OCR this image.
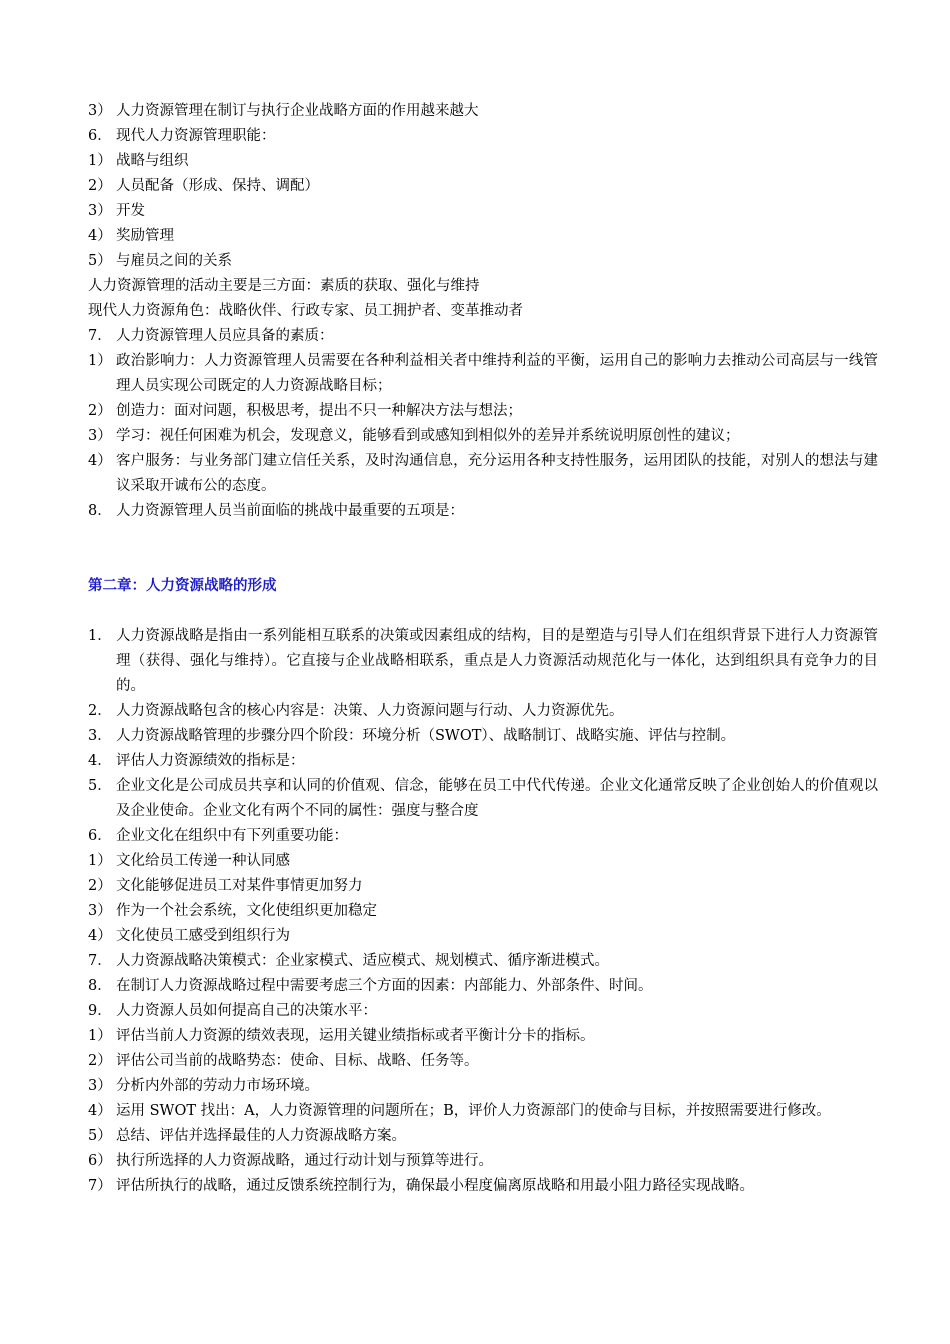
3） 人力资源管理在制订与执行企业战略方面的作用越来越大
6． 现代人力资源管理职能：
1） 战略与组织
2） 人员配备（形成、保持、调配）
3） 开发
4） 奖励管理
5） 与雇员之间的关系
人力资源管理的活动主要是三方面：素质的获取、强化与维持
现代人力资源角色：战略伙伴、行政专家、员工拥护者、变革推动者
7． 人力资源管理人员应具备的素质：
1） 政治影响力：人力资源管理人员需要在各种利益相关者中维持利益的平衡，运用自己的影响力去推动公司高层与一线管理人员实现公司既定的人力资源战略目标；
2） 创造力：面对问题，积极思考，提出不只一种解决方法与想法；
3） 学习：视任何困难为机会，发现意义，能够看到或感知到相似外的差异并系统说明原创性的建议；
4） 客户服务：与业务部门建立信任关系，及时沟通信息，充分运用各种支持性服务，运用团队的技能，对别人的想法与建议采取开诚布公的态度。
8． 人力资源管理人员当前面临的挑战中最重要的五项是：
第二章：人力资源战略的形成
1． 人力资源战略是指由一系列能相互联系的决策或因素组成的结构，目的是塑造与引导人们在组织背景下进行人力资源管理（获得、强化与维持）。它直接与企业战略相联系，重点是人力资源活动规范化与一体化，达到组织具有竞争力的目的。
2． 人力资源战略包含的核心内容是：决策、人力资源问题与行动、人力资源优先。
3． 人力资源战略管理的步骤分四个阶段：环境分析（SWOT）、战略制订、战略实施、评估与控制。
4． 评估人力资源绩效的指标是：
5． 企业文化是公司成员共享和认同的价值观、信念，能够在员工中代代传递。企业文化通常反映了企业创始人的价值观以及企业使命。企业文化有两个不同的属性：强度与整合度
6． 企业文化在组织中有下列重要功能：
1） 文化给员工传递一种认同感
2） 文化能够促进员工对某件事情更加努力
3） 作为一个社会系统，文化使组织更加稳定
4） 文化使员工感受到组织行为
7． 人力资源战略决策模式：企业家模式、适应模式、规划模式、循序渐进模式。
8． 在制订人力资源战略过程中需要考虑三个方面的因素：内部能力、外部条件、时间。
9． 人力资源人员如何提高自己的决策水平：
1） 评估当前人力资源的绩效表现，运用关键业绩指标或者平衡计分卡的指标。
2） 评估公司当前的战略势态：使命、目标、战略、任务等。
3） 分析内外部的劳动力市场环境。
4） 运用 SWOT 找出：A，人力资源管理的问题所在；B，评价人力资源部门的使命与目标，并按照需要进行修改。
5） 总结、评估并选择最佳的人力资源战略方案。
6） 执行所选择的人力资源战略，通过行动计划与预算等进行。
7） 评估所执行的战略，通过反馈系统控制行为，确保最小程度偏离原战略和用最小阻力路径实现战略。
